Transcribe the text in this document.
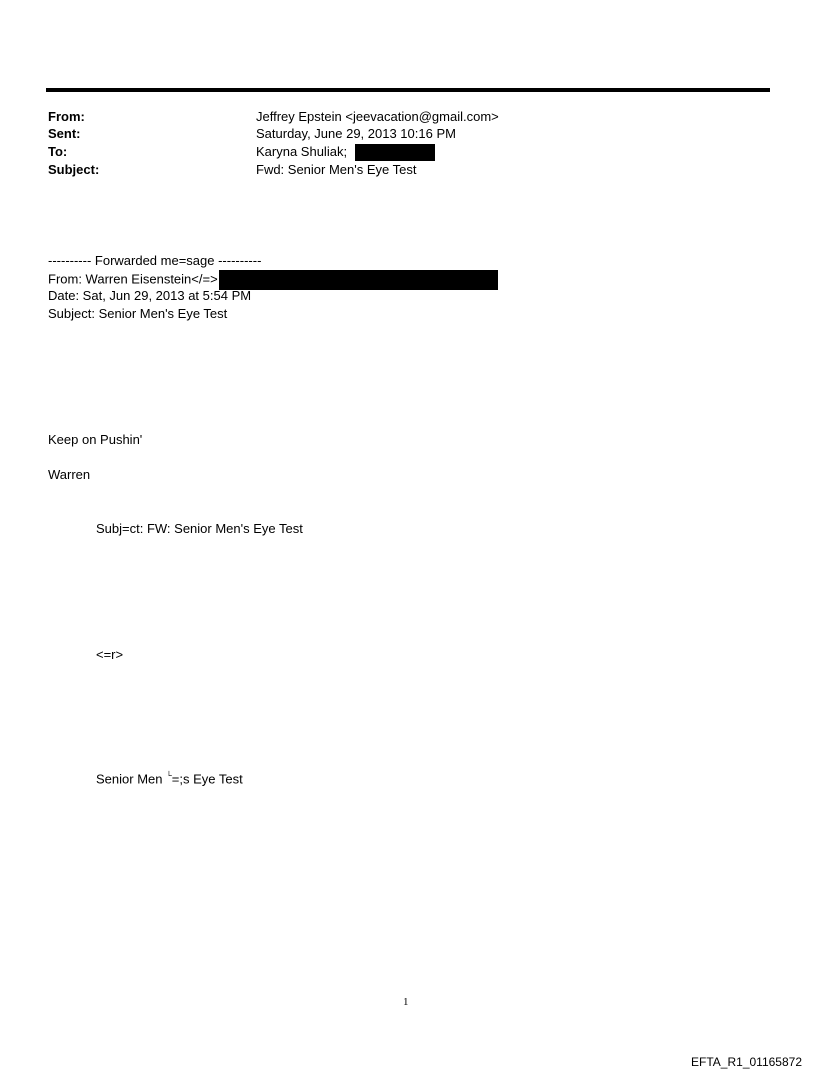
From:	Jeffrey Epstein <jeevacation@gmail.com>
Sent:	Saturday, June 29, 2013 10:16 PM
To:	Karyna Shuliak;
Subject:	Fwd: Senior Men's Eye Test
---------- Forwarded me=sage ----------
From: Warren Eisenstein</=>
Date: Sat, Jun 29, 2013 at 5:54 PM
Subject: Senior Men's Eye Test
Keep on Pushin'
Warren
Subj=ct: FW: Senior Men's Eye Test
<=r>
Senior Men └=;s Eye Test
1
EFTA_R1_01165872
